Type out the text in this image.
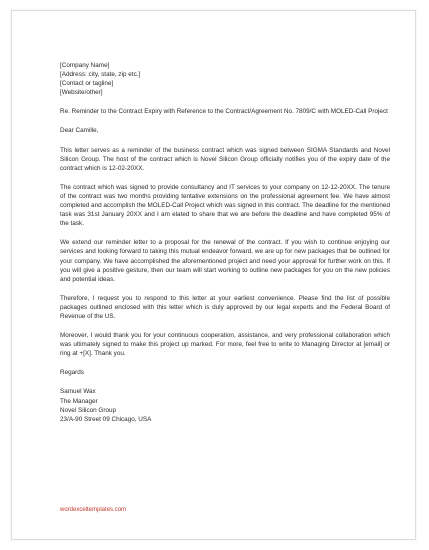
[Company Name]
[Address: city, state, zip etc.]
[Contact or tagline]
[Website/other]

Re. Reminder to the Contract Expiry with Reference to the Contract/Agreement No. 7809/C with MOLED-Call Project

Dear Camille,

This letter serves as a reminder of the business contract which was signed between SIGMA Standards and Novel Silicon Group. The host of the contract which is Novel Silicon Group officially notifies you of the expiry date of the contract which is 12-02-20XX.

The contract which was signed to provide consultancy and IT services to your company on 12-12-20XX. The tenure of the contract was two months providing tentative extensions on the professional agreement fee. We have almost completed and accomplish the MOLED-Call Project which was signed in this contract. The deadline for the mentioned task was 31st January 20XX and I am elated to share that we are before the deadline and have completed 95% of the task.

We extend our reminder letter to a proposal for the renewal of the contract. If you wish to continue enjoying our services and looking forward to taking this mutual endeavor forward, we are up for new packages that be outlined for your company. We have accomplished the aforementioned project and need your approval for further work on this. If you will give a positive gesture, then our team will start working to outline new packages for you on the new policies and potential ideas.

Therefore, I request you to respond to this letter at your earliest convenience. Please find the list of possible packages outlined enclosed with this letter which is duly approved by our legal experts and the Federal Board of Revenue of the US.

Moreover, I would thank you for your continuous cooperation, assistance, and very professional collaboration which was ultimately signed to make this project up marked. For more, feel free to write to Managing Director at [email] or ring at +[X]. Thank you.

Regards

Samuel Wax
The Manager
Novel Silicon Group
23/A-90 Street 09 Chicago, USA
wordexceltemplates.com
